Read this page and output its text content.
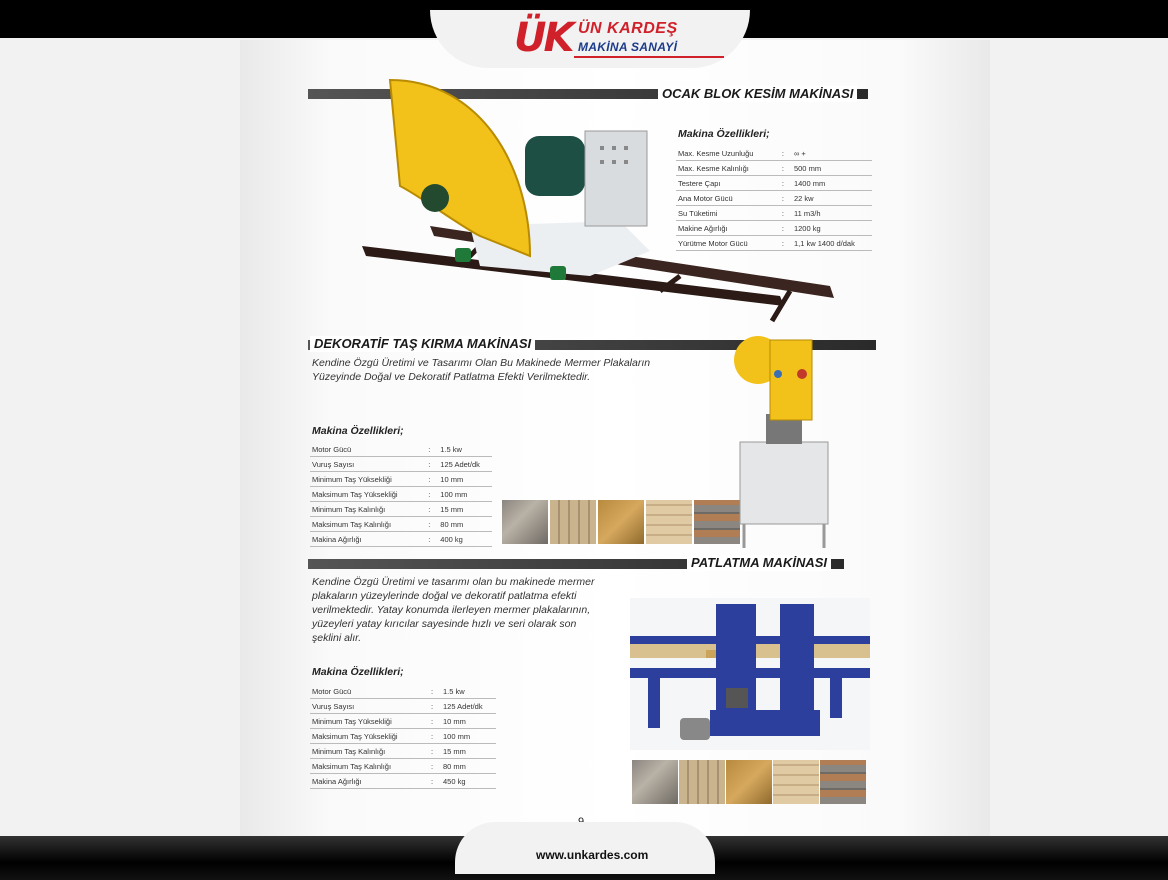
ÜK ÜN KARDEŞ
MAKİNA SANAYİ
OCAK BLOK KESİM MAKİNASI
Makina Özellikleri;
Max. Kesme Uzunluğu	:	∞ +
Max. Kesme Kalınlığı	:	500 mm
Testere Çapı	:	1400 mm
Ana Motor Gücü	:	22 kw
Su Tüketimi	:	11 m3/h
Makine Ağırlığı	:	1200 kg
Yürütme Motor Gücü	:	1,1 kw 1400 d/dak
DEKORATİF TAŞ KIRMA MAKİNASI
Kendine Özgü Üretimi ve Tasarımı Olan Bu Makinede Mermer Plakaların Yüzeyinde Doğal ve Dekoratif Patlatma Efekti Verilmektedir.
Makina Özellikleri;
Motor Gücü	:	1.5 kw
Vuruş Sayısı	:	125 Adet/dk
Minimum Taş Yüksekliği	:	10 mm
Maksimum Taş Yüksekliği	:	100 mm
Minimum Taş Kalınlığı	:	15 mm
Maksimum Taş Kalınlığı	:	80 mm
Makina Ağırlığı	:	400 kg
PATLATMA MAKİNASI
Kendine Özgü Üretimi ve tasarımı olan bu makinede mermer plakaların yüzeylerinde doğal ve dekoratif patlatma efekti verilmektedir. Yatay konumda ilerleyen mermer plakalarının, yüzeyleri yatay kırıcılar sayesinde hızlı ve seri olarak son şeklini alır.
Makina Özellikleri;
Motor Gücü	:	1.5 kw
Vuruş Sayısı	:	125 Adet/dk
Minimum Taş Yüksekliği	:	10 mm
Maksimum Taş Yüksekliği	:	100 mm
Minimum Taş Kalınlığı	:	15 mm
Maksimum Taş Kalınlığı	:	80 mm
Makina Ağırlığı	:	450 kg
www.unkardes.com
